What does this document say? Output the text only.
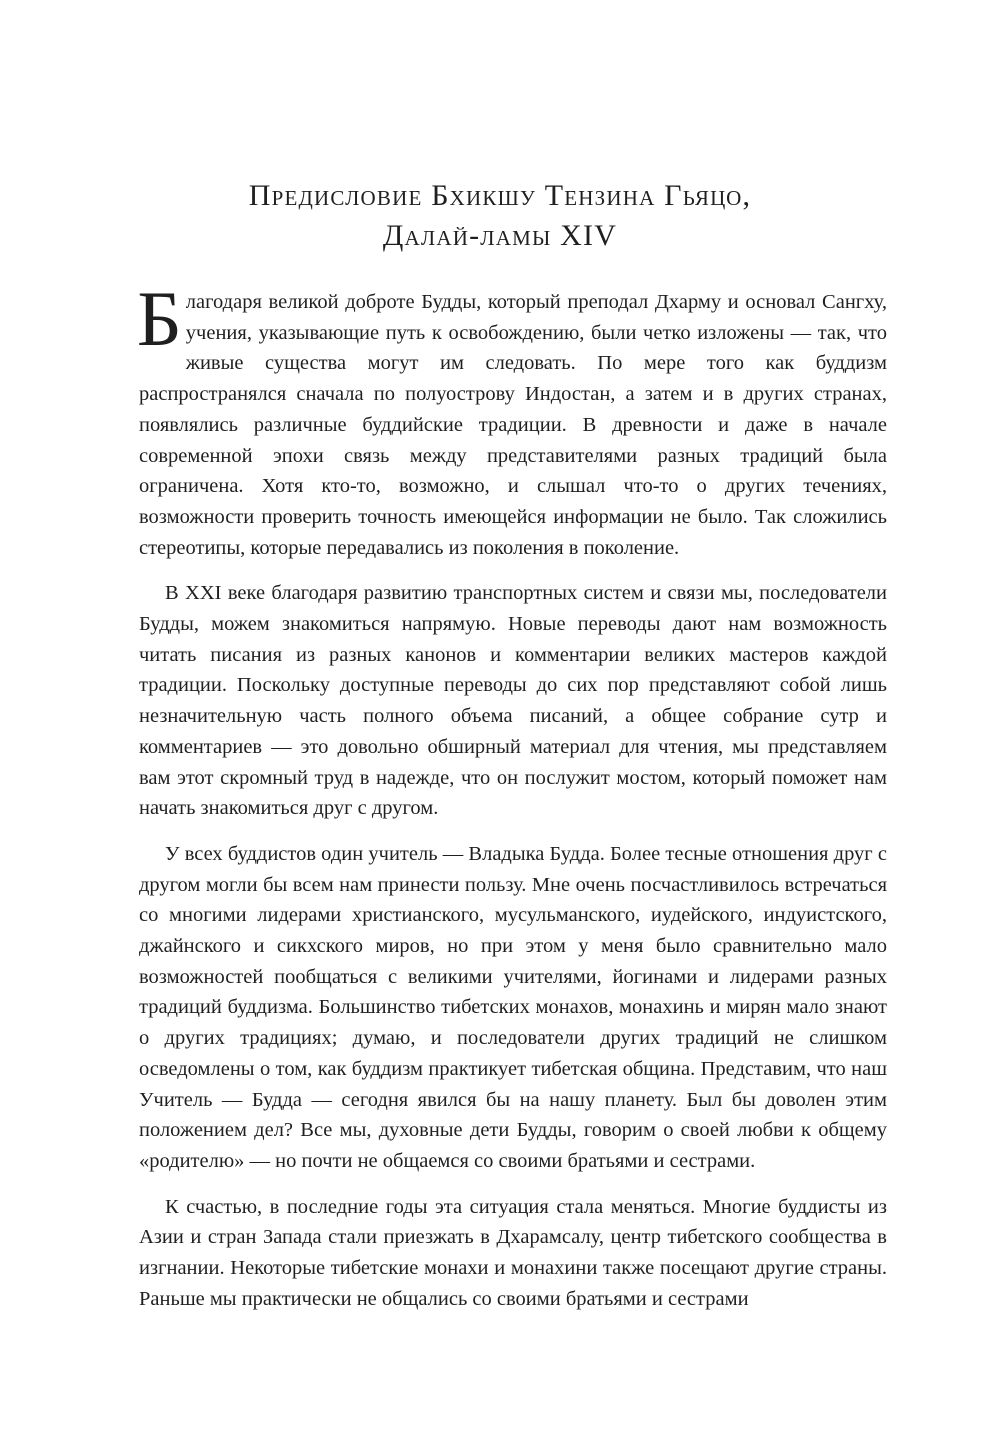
Предисловие Бхикшу Тензина Гьяцо,
Далай-ламы XIV

Благодаря великой доброте Будды, который преподал Дхарму и основал Сангху, учения, указывающие путь к освобождению, были четко изложены — так, что живые существа могут им следовать. По мере того как буддизм распространялся сначала по полуострову Индостан, а затем и в других странах, появлялись различные буддийские традиции. В древности и даже в начале современной эпохи связь между представителями разных традиций была ограничена. Хотя кто-то, возможно, и слышал что-то о других течениях, возможности проверить точность имеющейся информации не было. Так сложились стереотипы, которые передавались из поколения в поколение.

В XXI веке благодаря развитию транспортных систем и связи мы, последователи Будды, можем знакомиться напрямую. Новые переводы дают нам возможность читать писания из разных канонов и комментарии великих мастеров каждой традиции. Поскольку доступные переводы до сих пор представляют собой лишь незначительную часть полного объема писаний, а общее собрание сутр и комментариев — это довольно обширный материал для чтения, мы представляем вам этот скромный труд в надежде, что он послужит мостом, который поможет нам начать знакомиться друг с другом.

У всех буддистов один учитель — Владыка Будда. Более тесные отношения друг с другом могли бы всем нам принести пользу. Мне очень посчастливилось встречаться со многими лидерами христианского, мусульманского, иудейского, индуистского, джайнского и сикхского миров, но при этом у меня было сравнительно мало возможностей пообщаться с великими учителями, йогинами и лидерами разных традиций буддизма. Большинство тибетских монахов, монахинь и мирян мало знают о других традициях; думаю, и последователи других традиций не слишком осведомлены о том, как буддизм практикует тибетская община. Представим, что наш Учитель — Будда — сегодня явился бы на нашу планету. Был бы доволен этим положением дел? Все мы, духовные дети Будды, говорим о своей любви к общему «родителю» — но почти не общаемся со своими братьями и сестрами.

К счастью, в последние годы эта ситуация стала меняться. Многие буддисты из Азии и стран Запада стали приезжать в Дхарамсалу, центр тибетского сообщества в изгнании. Некоторые тибетские монахи и монахини также посещают другие страны. Раньше мы практически не общались со своими братьями и сестрами
